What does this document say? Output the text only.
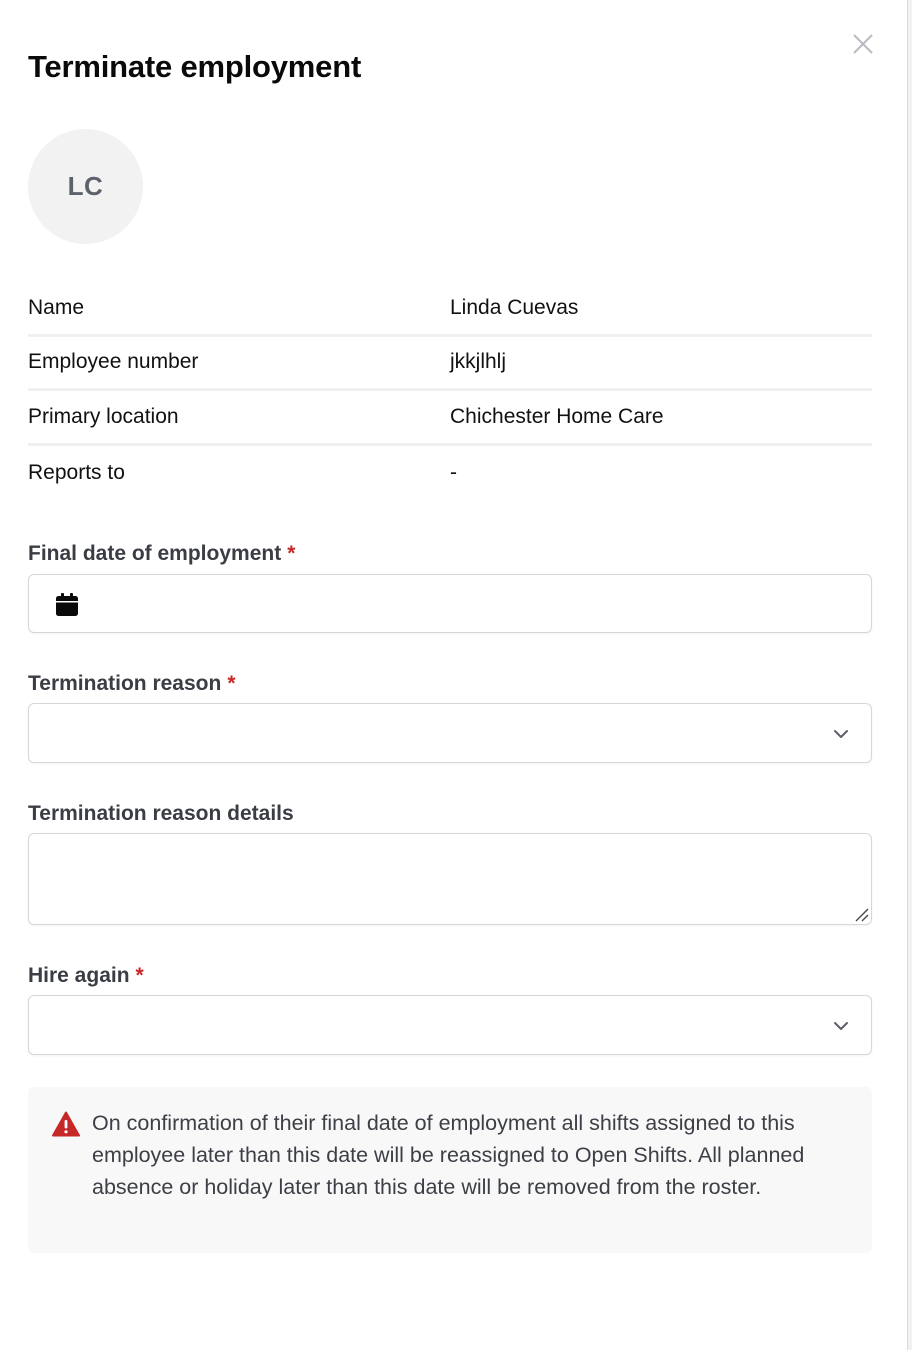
Terminate employment
LC
Name	Linda Cuevas
Employee number	jkkjlhlj
Primary location	Chichester Home Care
Reports to	-
Final date of employment *
Termination reason *
Termination reason details
Hire again *
On confirmation of their final date of employment all shifts assigned to this employee later than this date will be reassigned to Open Shifts. All planned absence or holiday later than this date will be removed from the roster.
